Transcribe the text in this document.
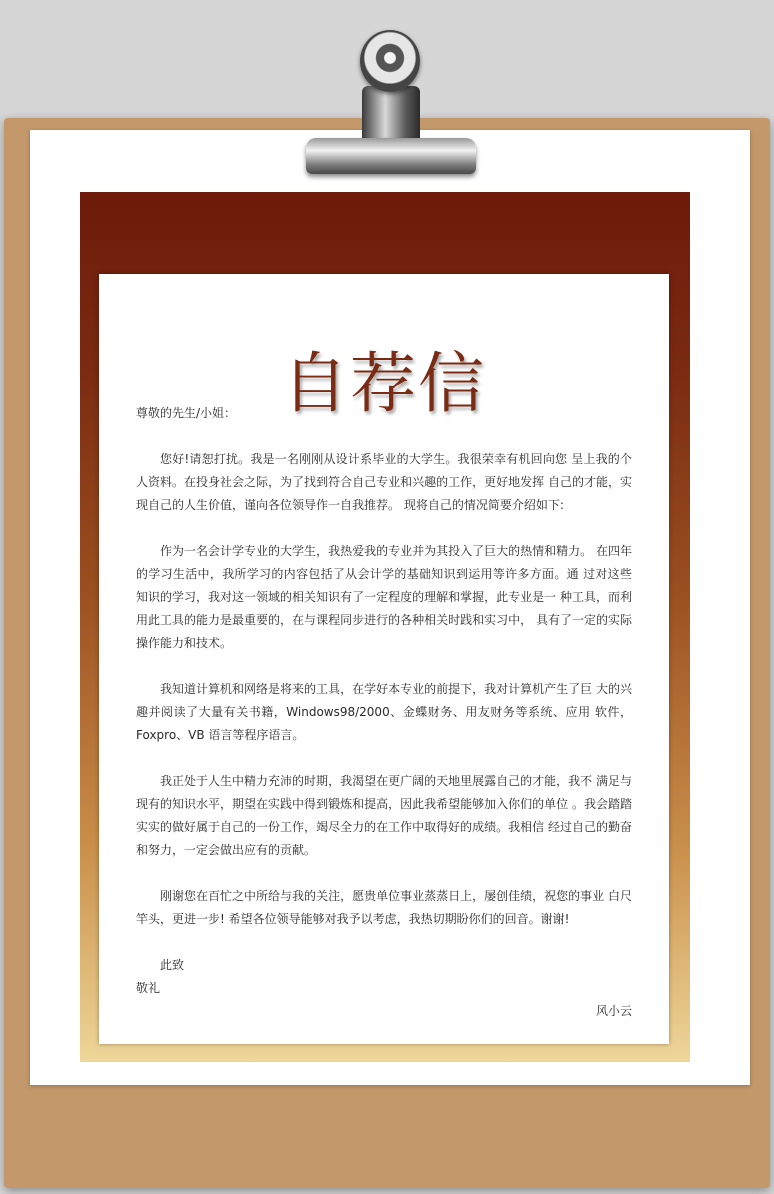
自荐信

尊敬的先生/小姐：

您好!请恕打扰。我是一名刚刚从设计系毕业的大学生。我很荣幸有机回向您 呈上我的个人资料。在投身社会之际，为了找到符合自己专业和兴趣的工作，更好地发挥 自己的才能，实现自己的人生价值，谨向各位领导作一自我推荐。 现将自己的情况简要介绍如下:

作为一名会计学专业的大学生，我热爱我的专业并为其投入了巨大的热情和精力。 在四年的学习生活中，我所学习的内容包括了从会计学的基础知识到运用等许多方面。通 过对这些 知识的学习，我对这一领域的相关知识有了一定程度的理解和掌握，此专业是一 种工具，而利用此工具的能力是最重要的，在与课程同步进行的各种相关时践和实习中， 具有了一定的实际操作能力和技术。

我知道计算机和网络是将来的工具，在学好本专业的前提下，我对计算机产生了巨 大的兴趣并阅读了大量有关书籍，Windows98/2000、金蝶财务、用友财务等系统、应用 软件，Foxpro、VB 语言等程序语言。

我正处于人生中精力充沛的时期，我渴望在更广阔的天地里展露自己的才能，我不 满足与现有的知识水平，期望在实践中得到锻炼和提高，因此我希望能够加入你们的单位 。我会踏踏实实的做好属于自己的一份工作，竭尽全力的在工作中取得好的成绩。我相信 经过自己的勤奋和努力，一定会做出应有的贡献。

刚谢您在百忙之中所给与我的关注，愿贵单位事业蒸蒸日上，屡创佳绩，祝您的事业 白尺竿头，更进一步! 希望各位领导能够对我予以考虑，我热切期盼你们的回音。谢谢!

此致

敬礼

风小云
